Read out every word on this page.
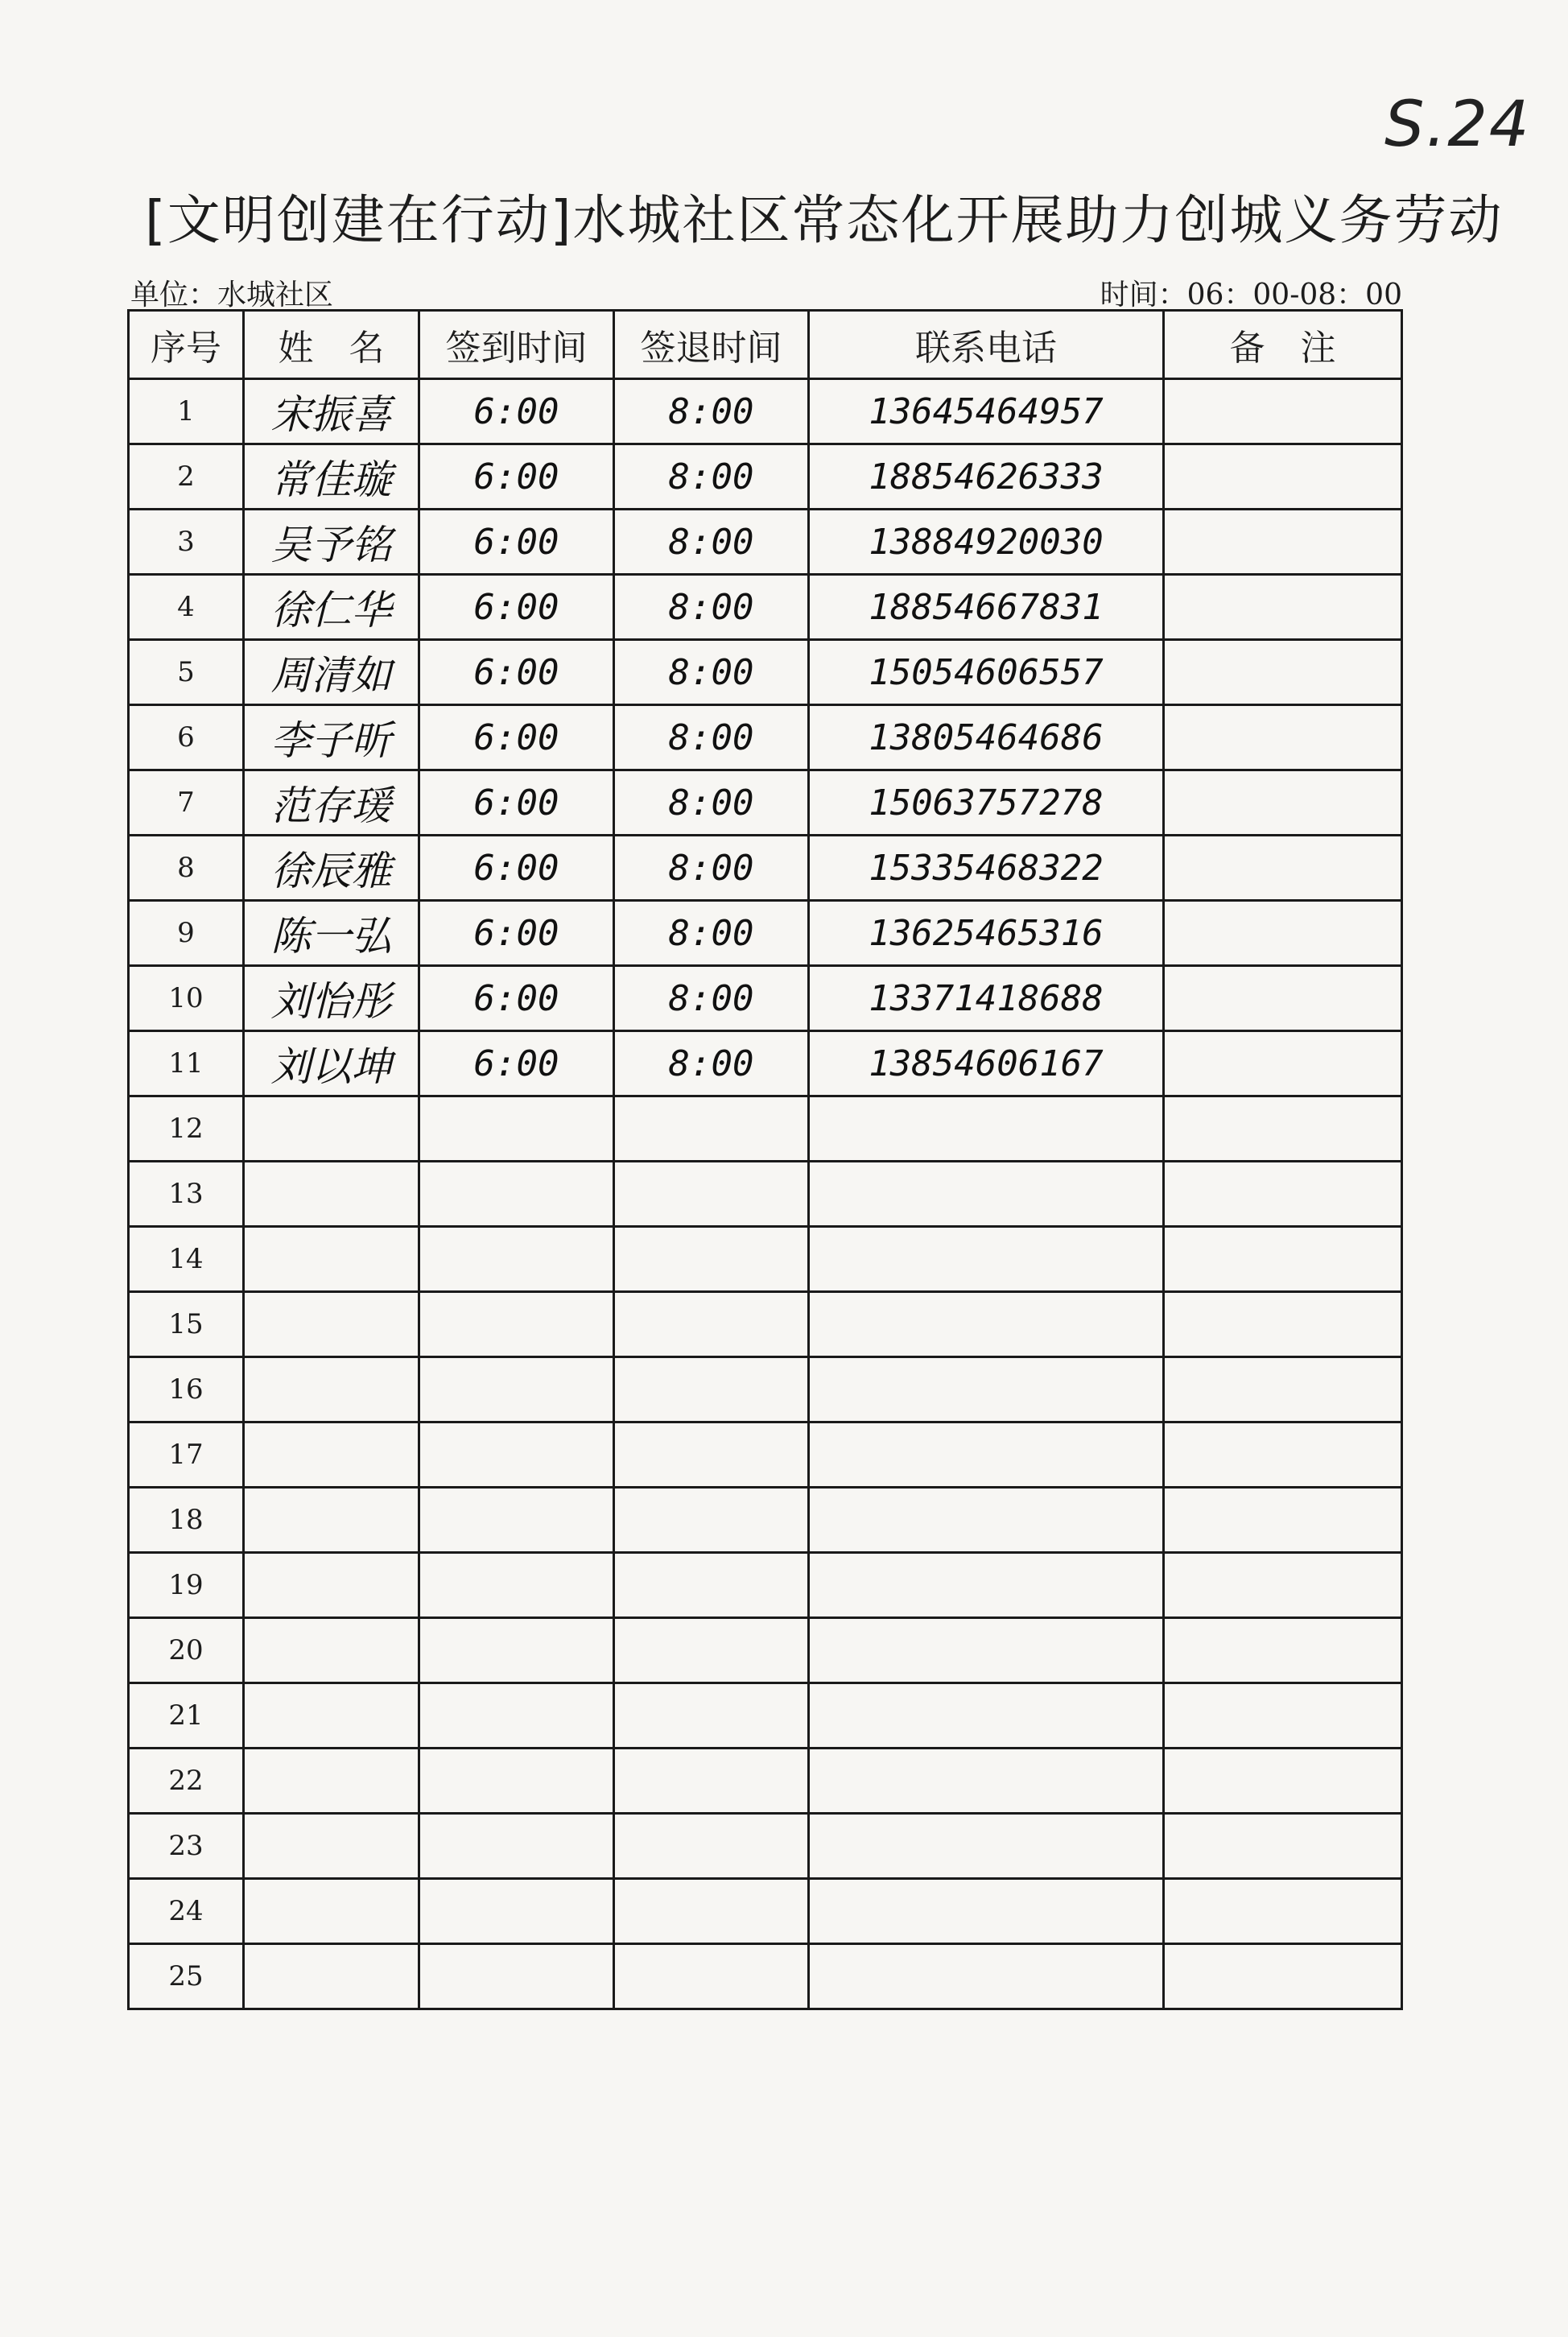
S.24
[文明创建在行动]水城社区常态化开展助力创城义务劳动
单位：水城社区	时间：06：00-08：00
序号	姓　名	签到时间	签退时间	联系电话	备　注
1	宋振喜	6:00	8:00	13645464957	
2	常佳璇	6:00	8:00	18854626333	
3	吴予铭	6:00	8:00	13884920030	
4	徐仁华	6:00	8:00	18854667831	
5	周清如	6:00	8:00	15054606557	
6	李子昕	6:00	8:00	13805464686	
7	范存瑗	6:00	8:00	15063757278	
8	徐辰雅	6:00	8:00	15335468322	
9	陈一弘	6:00	8:00	13625465316	
10	刘怡彤	6:00	8:00	13371418688	
11	刘以坤	6:00	8:00	13854606167	
12					
13					
14					
15					
16					
17					
18					
19					
20					
21					
22					
23					
24					
25					
